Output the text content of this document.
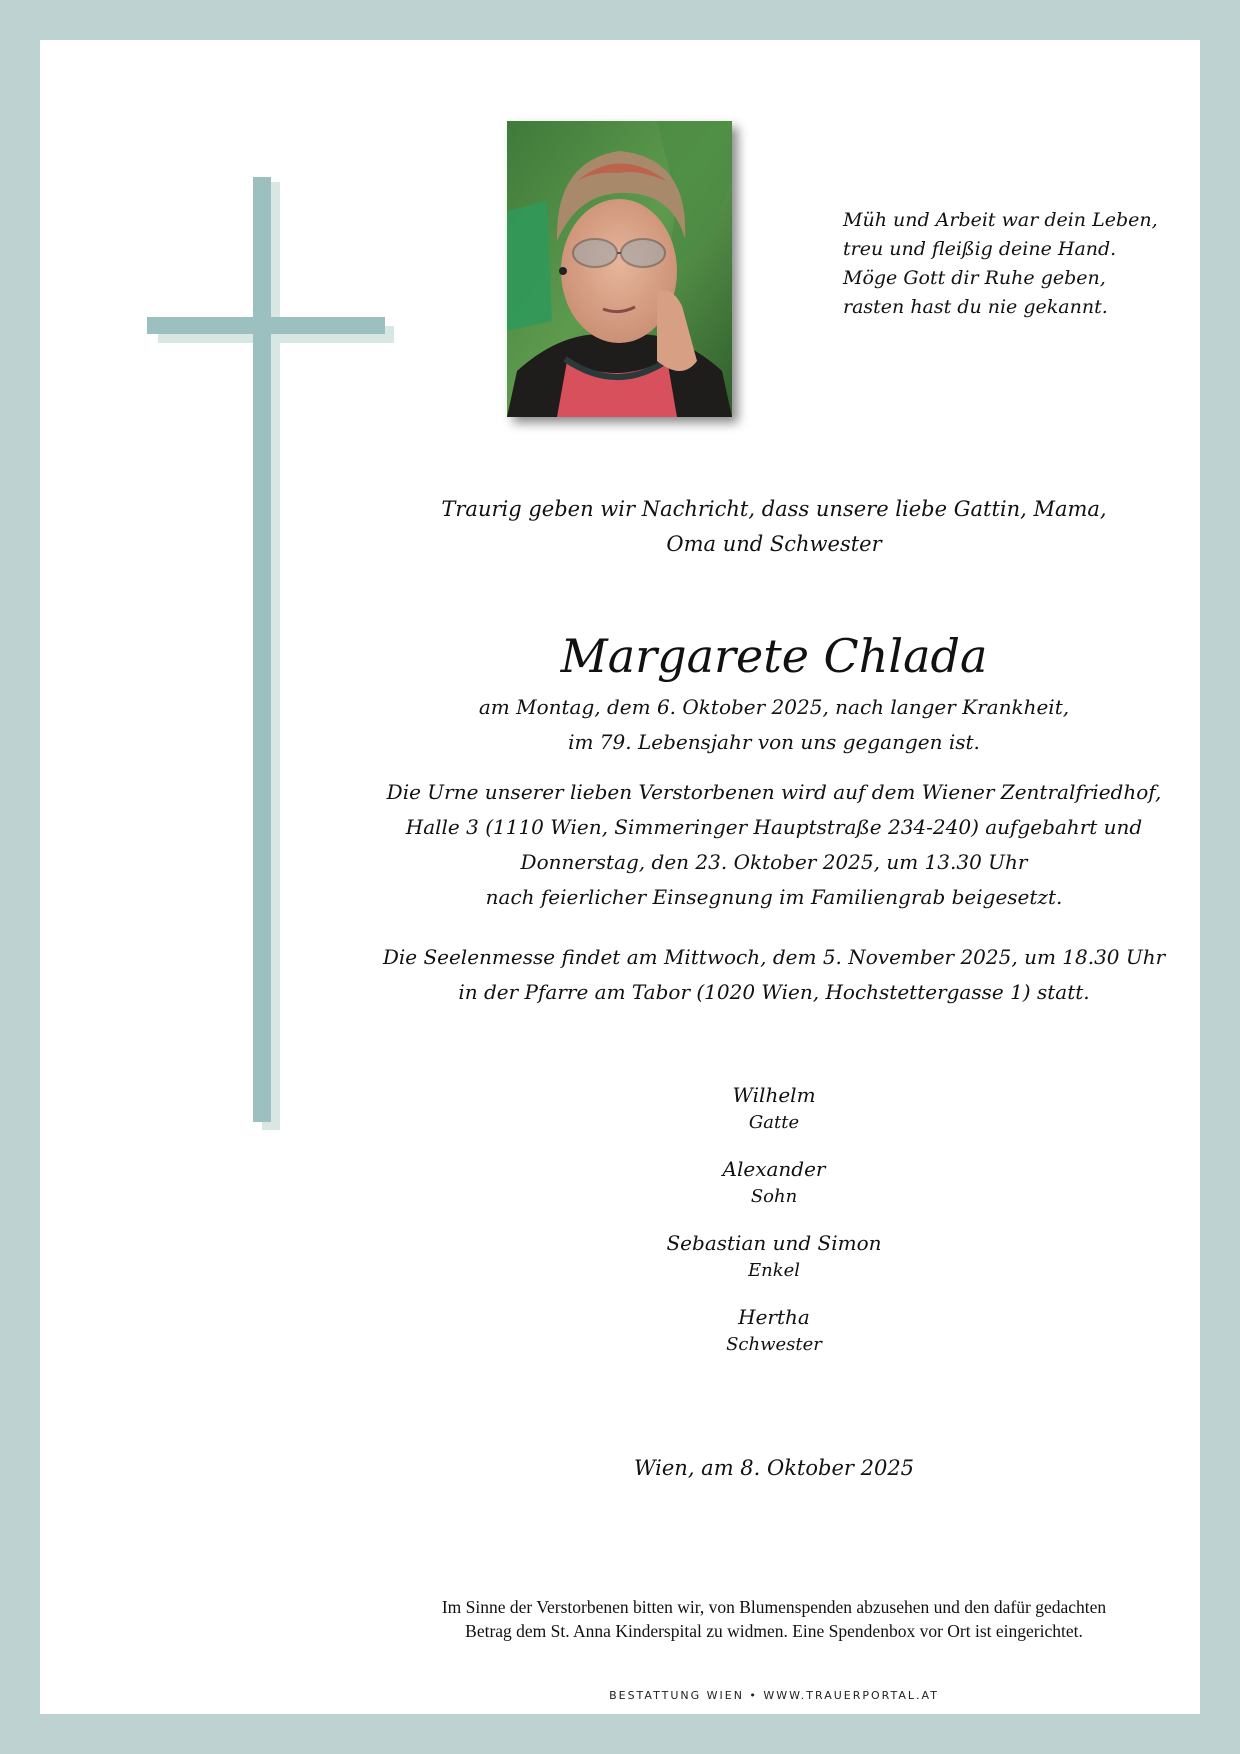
Müh und Arbeit war dein Leben,
treu und fleißig deine Hand.
Möge Gott dir Ruhe geben,
rasten hast du nie gekannt.
Traurig geben wir Nachricht, dass unsere liebe Gattin, Mama,
Oma und Schwester
Margarete Chlada
am Montag, dem 6. Oktober 2025, nach langer Krankheit,
im 79. Lebensjahr von uns gegangen ist.
Die Urne unserer lieben Verstorbenen wird auf dem Wiener Zentralfriedhof,
Halle 3 (1110 Wien, Simmeringer Hauptstraße 234-240) aufgebahrt und
Donnerstag, den 23. Oktober 2025, um 13.30 Uhr
nach feierlicher Einsegnung im Familiengrab beigesetzt.
Die Seelenmesse findet am Mittwoch, dem 5. November 2025, um 18.30 Uhr
in der Pfarre am Tabor (1020 Wien, Hochstettergasse 1) statt.
Wilhelm
Gatte
Alexander
Sohn
Sebastian und Simon
Enkel
Hertha
Schwester
Wien, am 8. Oktober 2025
Im Sinne der Verstorbenen bitten wir, von Blumenspenden abzusehen und den dafür gedachten
Betrag dem St. Anna Kinderspital zu widmen. Eine Spendenbox vor Ort ist eingerichtet.
BESTATTUNG WIEN • WWW.TRAUERPORTAL.AT
